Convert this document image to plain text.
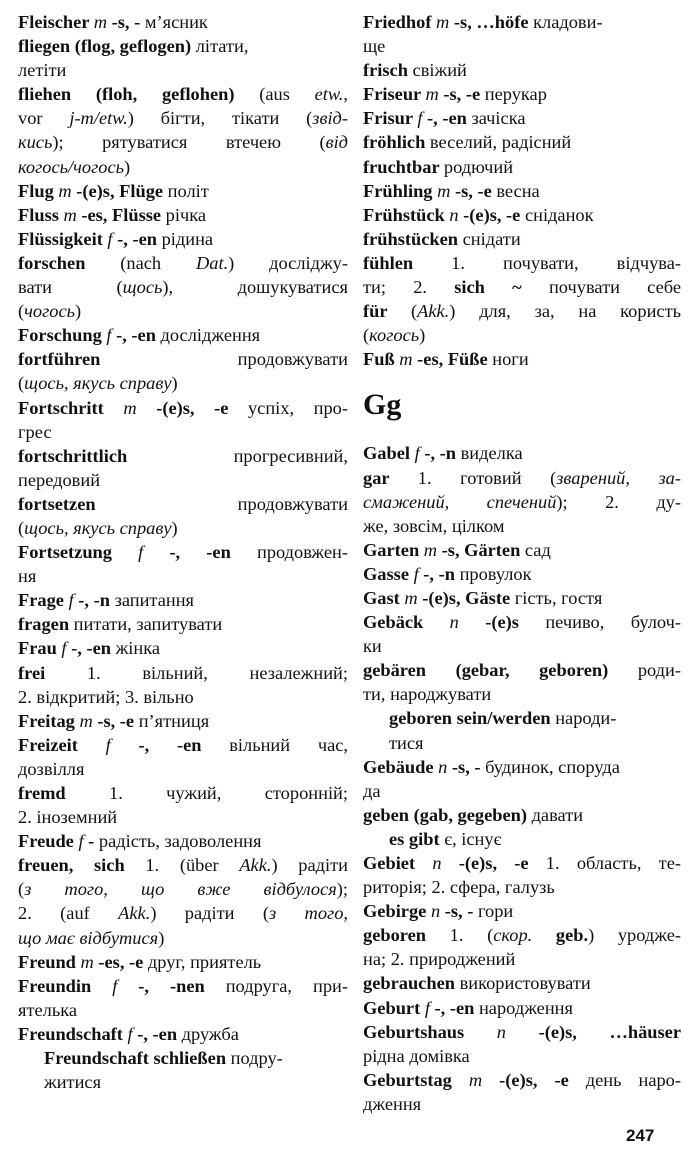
Fleischer m -s, - м’ясник
fliegen (flog, geflogen) літати,
летіти
fliehen (floh, geflohen) (aus etw.,
vor j-m/etw.) бігти, тікати (звід-
кись); рятуватися втечею (від
когось/чогось)
Flug m -(e)s, Flüge політ
Fluss m -es, Flüsse річка
Flüssigkeit f -, -en рідина
forschen (nach Dat.) досліджу-
вати (щось), дошукуватися
(чогось)
Forschung f -, -en дослідження
fortführen продовжувати
(щось, якусь справу)
Fortschritt m -(e)s, -e успіх, про-
грес
fortschrittlich прогресивний,
передовий
fortsetzen продовжувати
(щось, якусь справу)
Fortsetzung f -, -en продовжен-
ня
Frage f -, -n запитання
fragen питати, запитувати
Frau f -, -en жінка
frei 1. вільний, незалежний;
2. відкритий; 3. вільно
Freitag m -s, -e п’ятниця
Freizeit f -, -en вільний час,
дозвілля
fremd 1. чужий, сторонній;
2. іноземний
Freude f - радість, задоволення
freuen, sich 1. (über Akk.) радіти
(з того, що вже відбулося);
2. (auf Akk.) радіти (з того,
що має відбутися)
Freund m -es, -e друг, приятель
Freundin f -, -nen подруга, при-
ятелька
Freundschaft f -, -en дружба
Freundschaft schließen подру-
житися
Friedhof m -s, …höfe кладови-
ще
frisch свіжий
Friseur m -s, -e перукар
Frisur f -, -en зачіска
fröhlich веселий, радісний
fruchtbar родючий
Frühling m -s, -e весна
Frühstück n -(e)s, -e сніданок
frühstücken снідати
fühlen 1. почувати, відчува-
ти; 2. sich ~ почувати себе
für (Akk.) для, за, на користь
(когось)
Fuß m -es, Füße ноги
Gg
Gabel f -, -n виделка
gar 1. готовий (зварений, за-
смажений, спечений); 2. ду-
же, зовсім, цілком
Garten m -s, Gärten сад
Gasse f -, -n провулок
Gast m -(e)s, Gäste гість, гостя
Gebäck n -(e)s печиво, булоч-
ки
gebären (gebar, geboren) роди-
ти, народжувати
geboren sein/werden народи-
тися
Gebäude n -s, - будинок, споруда
да
geben (gab, gegeben) давати
es gibt є, існує
Gebiet n -(e)s, -e 1. область, те-
риторія; 2. сфера, галузь
Gebirge n -s, - гори
geboren 1. (скор. geb.) уродже-
на; 2. природжений
gebrauchen використовувати
Geburt f -, -en народження
Geburtshaus n -(e)s, …häuser
рідна домівка
Geburtstag m -(e)s, -e день наро-
дження
247
